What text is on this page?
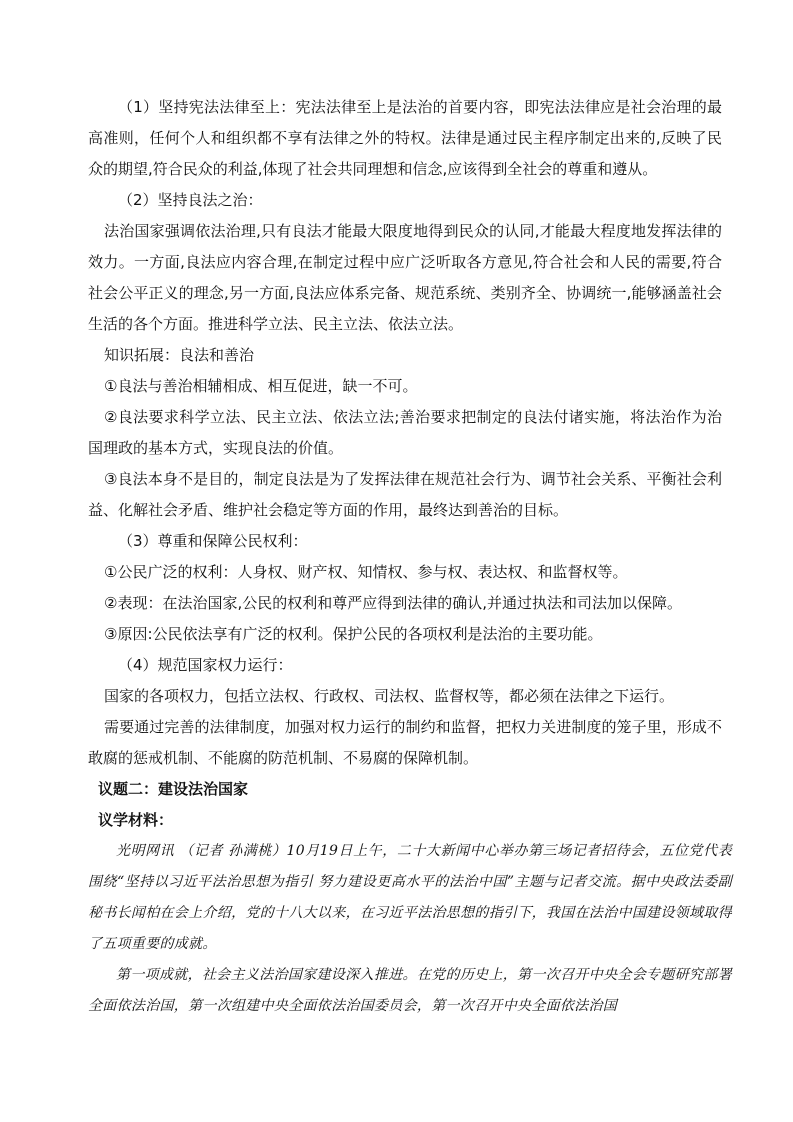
（1）坚持宪法法律至上：宪法法律至上是法治的首要内容，即宪法法律应是社会治理的最高准则，任何个人和组织都不享有法律之外的特权。法律是通过民主程序制定出来的,反映了民众的期望,符合民众的利益,体现了社会共同理想和信念,应该得到全社会的尊重和遵从。

（2）坚持良法之治：

法治国家强调依法治理,只有良法才能最大限度地得到民众的认同,才能最大程度地发挥法律的效力。一方面,良法应内容合理,在制定过程中应广泛听取各方意见,符合社会和人民的需要,符合社会公平正义的理念,另一方面,良法应体系完备、规范系统、类别齐全、协调统一,能够涵盖社会生活的各个方面。推进科学立法、民主立法、依法立法。

知识拓展：良法和善治

①良法与善治相辅相成、相互促进，缺一不可。

②良法要求科学立法、民主立法、依法立法;善治要求把制定的良法付诸实施，将法治作为治国理政的基本方式，实现良法的价值。

③良法本身不是目的，制定良法是为了发挥法律在规范社会行为、调节社会关系、平衡社会利益、化解社会矛盾、维护社会稳定等方面的作用，最终达到善治的目标。

（3）尊重和保障公民权利：

①公民广泛的权利：人身权、财产权、知情权、参与权、表达权、和监督权等。

②表现：在法治国家,公民的权利和尊严应得到法律的确认,并通过执法和司法加以保障。

③原因:公民依法享有广泛的权利。保护公民的各项权利是法治的主要功能。

（4）规范国家权力运行：

国家的各项权力，包括立法权、行政权、司法权、监督权等，都必须在法律之下运行。

需要通过完善的法律制度，加强对权力运行的制约和监督，把权力关进制度的笼子里，形成不敢腐的惩戒机制、不能腐的防范机制、不易腐的保障机制。

议题二：建设法治国家

议学材料：

光明网讯 （记者 孙满桃）10月19日上午，二十大新闻中心举办第三场记者招待会，五位党代表围绕“坚持以习近平法治思想为指引 努力建设更高水平的法治中国”主题与记者交流。据中央政法委副秘书长闻柏在会上介绍，党的十八大以来，在习近平法治思想的指引下，我国在法治中国建设领域取得了五项重要的成就。

第一项成就，社会主义法治国家建设深入推进。在党的历史上，第一次召开中央全会专题研究部署全面依法治国，第一次组建中央全面依法治国委员会，第一次召开中央全面依法治国
